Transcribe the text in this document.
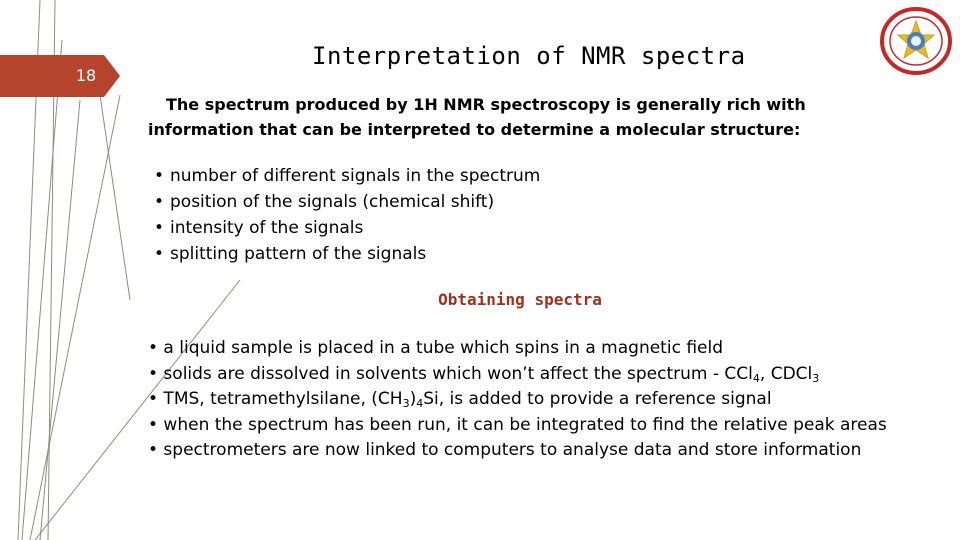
18
Interpretation of NMR spectra
The spectrum produced by 1H NMR spectroscopy is generally rich with
information that can be interpreted to determine a molecular structure:
• number of different signals in the spectrum
• position of the signals (chemical shift)
• intensity of the signals
• splitting pattern of the signals
Obtaining spectra

• a liquid sample is placed in a tube which spins in a magnetic field

• solids are dissolved in solvents which won’t affect the spectrum - CCl$_4$, CDCl$_3$

• TMS, tetramethylsilane, $(CH_3)_4Si$, is added to provide a reference signal

• when the spectrum has been run, it can be integrated to find the relative peak areas

• spectrometers are now linked to computers to analyse data and store information
